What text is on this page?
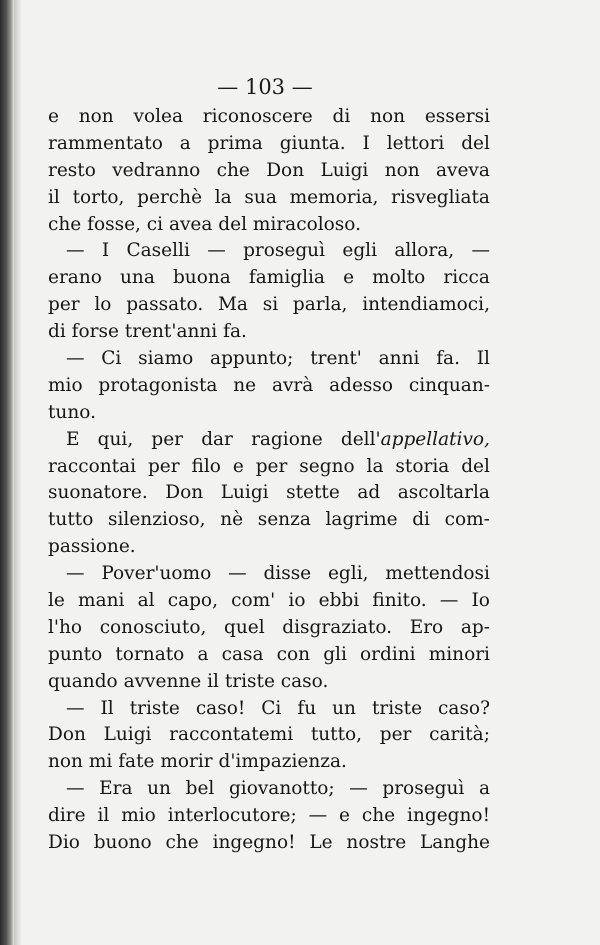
— 103 —
e non volea riconoscere di non essersi
rammentato a prima giunta. I lettori del
resto vedranno che Don Luigi non aveva
il torto, perchè la sua memoria, risvegliata
che fosse, ci avea del miracoloso.
— I Caselli — proseguì egli allora, —
erano una buona famiglia e molto ricca
per lo passato. Ma si parla, intendiamoci,
di forse trent'anni fa.
— Ci siamo appunto; trent' anni fa. Il
mio protagonista ne avrà adesso cinquan-
tuno.
E qui, per dar ragione dell'appellativo,
raccontai per filo e per segno la storia del
suonatore. Don Luigi stette ad ascoltarla
tutto silenzioso, nè senza lagrime di com-
passione.
— Pover'uomo — disse egli, mettendosi
le mani al capo, com' io ebbi finito. — Io
l'ho conosciuto, quel disgraziato. Ero ap-
punto tornato a casa con gli ordini minori
quando avvenne il triste caso.
— Il triste caso! Ci fu un triste caso?
Don Luigi raccontatemi tutto, per carità;
non mi fate morir d'impazienza.
— Era un bel giovanotto; — proseguì a
dire il mio interlocutore; — e che ingegno!
Dio buono che ingegno! Le nostre Langhe
